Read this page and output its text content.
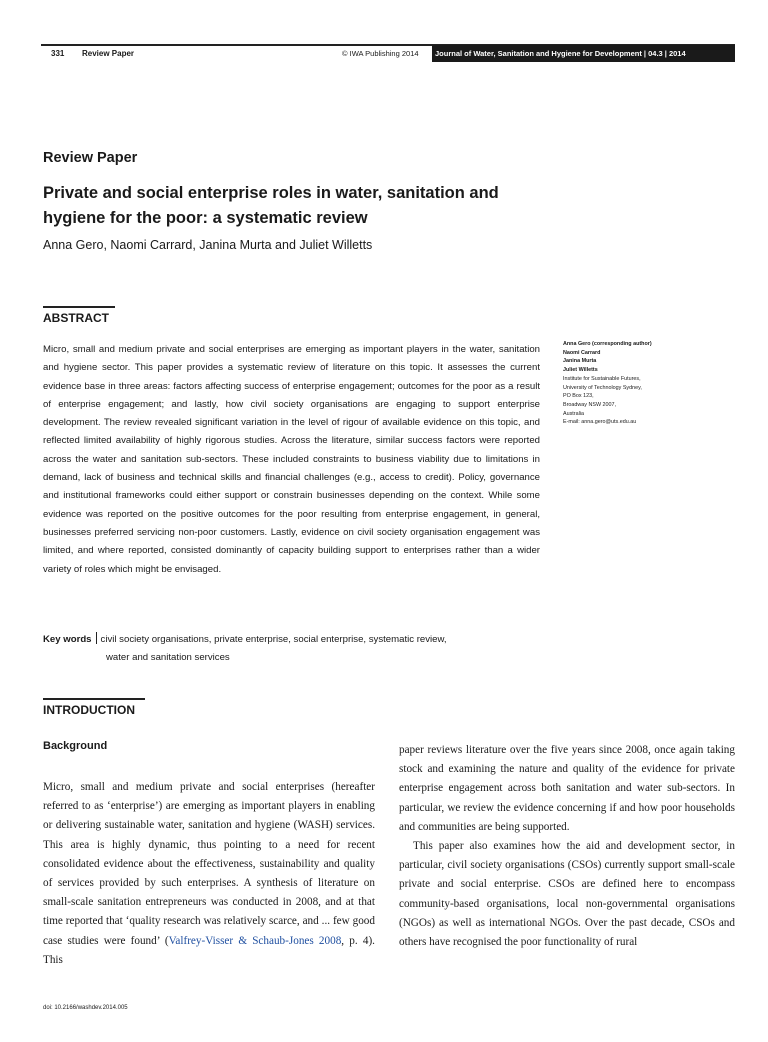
331 Review Paper	© IWA Publishing 2014	Journal of Water, Sanitation and Hygiene for Development | 04.3 | 2014
Review Paper
Private and social enterprise roles in water, sanitation and hygiene for the poor: a systematic review
Anna Gero, Naomi Carrard, Janina Murta and Juliet Willetts
ABSTRACT
Micro, small and medium private and social enterprises are emerging as important players in the water, sanitation and hygiene sector. This paper provides a systematic review of literature on this topic. It assesses the current evidence base in three areas: factors affecting success of enterprise engagement; outcomes for the poor as a result of enterprise engagement; and lastly, how civil society organisations are engaging to support enterprise development. The review revealed significant variation in the level of rigour of available evidence on this topic, and reflected limited availability of highly rigorous studies. Across the literature, similar success factors were reported across the water and sanitation sub-sectors. These included constraints to business viability due to limitations in demand, lack of business and technical skills and financial challenges (e.g., access to credit). Policy, governance and institutional frameworks could either support or constrain businesses depending on the context. While some evidence was reported on the positive outcomes for the poor resulting from enterprise engagement, in general, businesses preferred servicing non-poor customers. Lastly, evidence on civil society organisation engagement was limited, and where reported, consisted dominantly of capacity building support to enterprises rather than a wider variety of roles which might be envisaged.
Key words civil society organisations, private enterprise, social enterprise, systematic review,
water and sanitation services
Anna Gero (corresponding author)
Naomi Carrard
Janina Murta
Juliet Willetts
Institute for Sustainable Futures,
University of Technology Sydney,
PO Box 123,
Broadway NSW 2007,
Australia
E-mail: anna.gero@uts.edu.au
INTRODUCTION
Background

Micro, small and medium private and social enterprises (hereafter referred to as ‘enterprise’) are emerging as important players in enabling or delivering sustainable water, sanitation and hygiene (WASH) services. This area is highly dynamic, thus pointing to a need for recent consolidated evidence about the effectiveness, sustainability and quality of services provided by such enterprises. A synthesis of literature on small-scale sanitation entrepreneurs was conducted in 2008, and at that time reported that ‘quality research was relatively scarce, and ... few good case studies were found’ (Valfrey-Visser & Schaub-Jones 2008, p. 4). This

paper reviews literature over the five years since 2008, once again taking stock and examining the nature and quality of the evidence for private enterprise engagement across both sanitation and water sub-sectors. In particular, we review the evidence concerning if and how poor households and communities are being supported.

This paper also examines how the aid and development sector, in particular, civil society organisations (CSOs) currently support small-scale private and social enterprise. CSOs are defined here to encompass community-based organisations, local non-governmental organisations (NGOs) as well as international NGOs. Over the past decade, CSOs and others have recognised the poor functionality of rural

doi: 10.2166/washdev.2014.005
